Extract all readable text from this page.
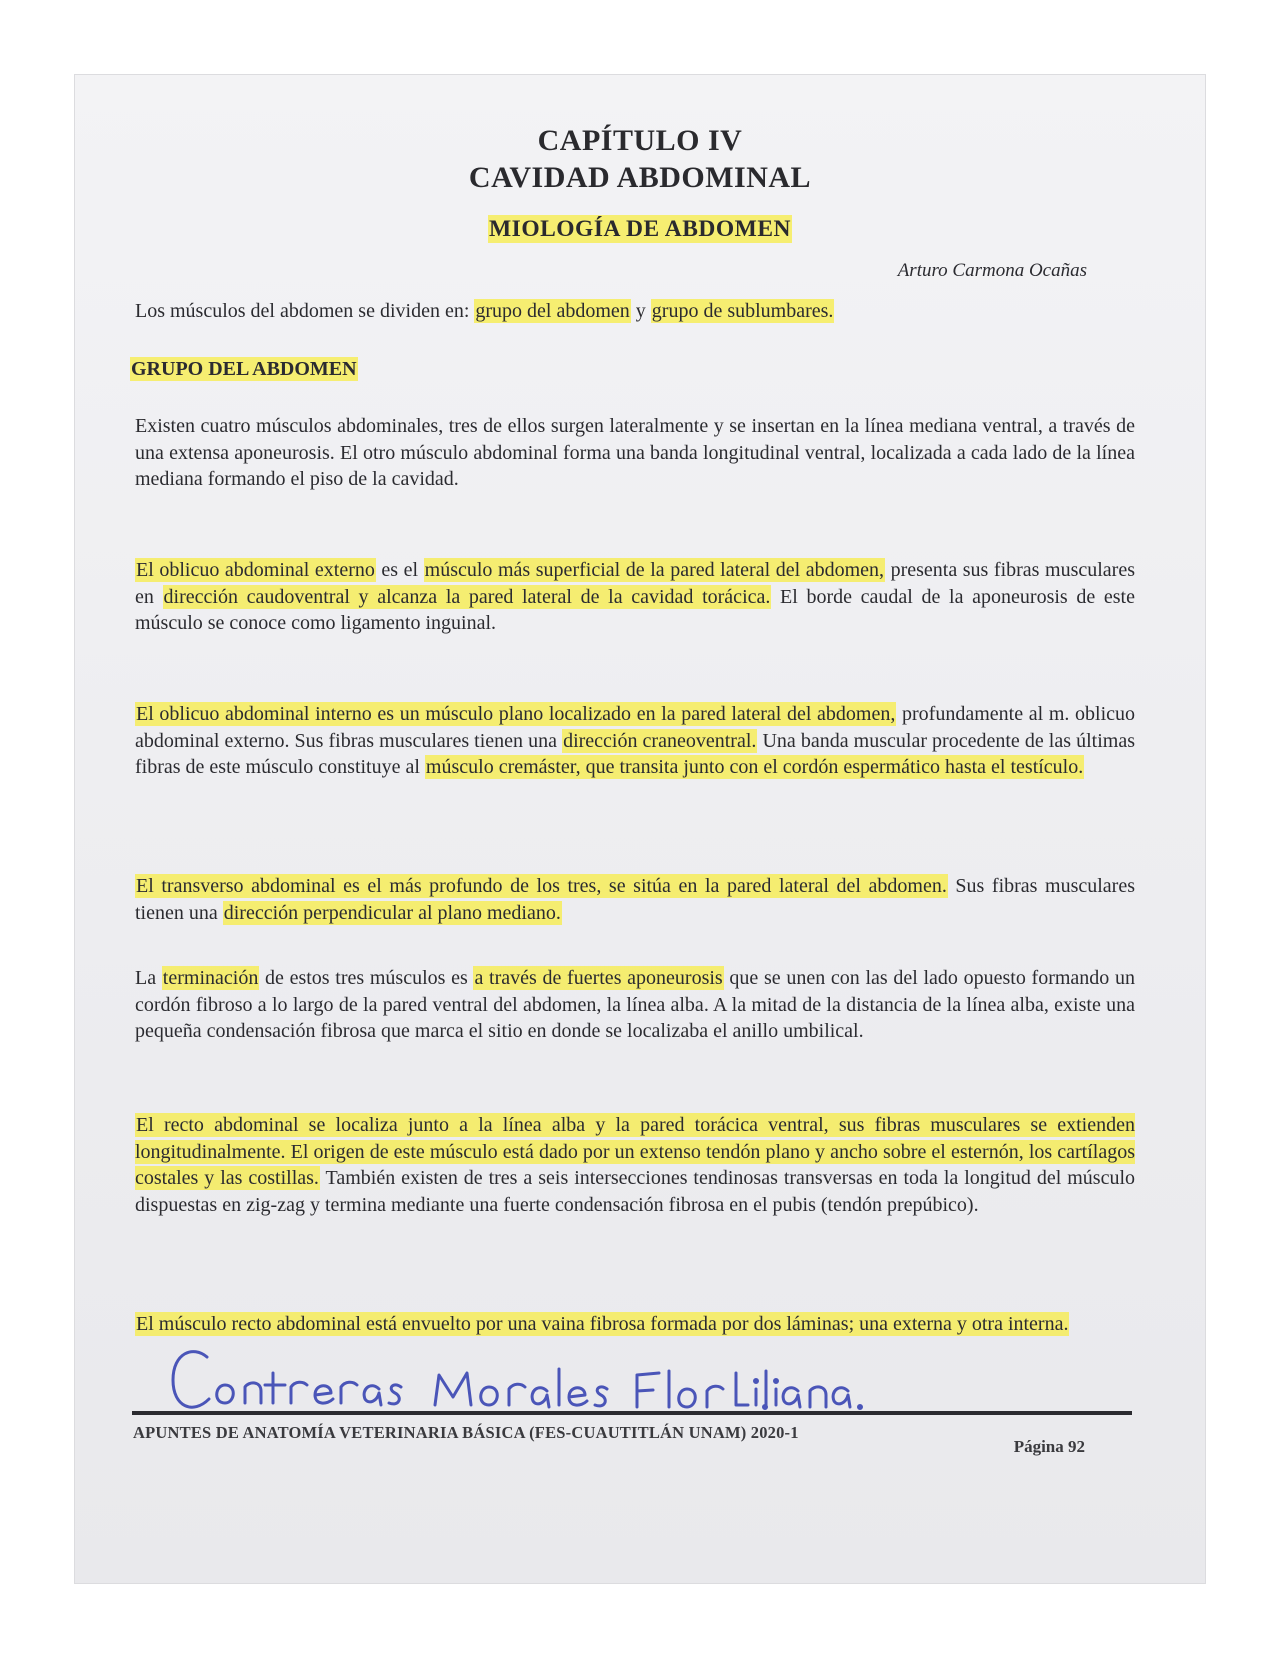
CAPÍTULO IV
CAVIDAD ABDOMINAL
MIOLOGÍA DE ABDOMEN
Arturo Carmona Ocañas
Los músculos del abdomen se dividen en: grupo del abdomen y grupo de sublumbares.
GRUPO DEL ABDOMEN
Existen cuatro músculos abdominales, tres de ellos surgen lateralmente y se insertan en la línea mediana ventral, a través de una extensa aponeurosis. El otro músculo abdominal forma una banda longitudinal ventral, localizada a cada lado de la línea mediana formando el piso de la cavidad.
El oblicuo abdominal externo es el músculo más superficial de la pared lateral del abdomen, presenta sus fibras musculares en dirección caudoventral y alcanza la pared lateral de la cavidad torácica. El borde caudal de la aponeurosis de este músculo se conoce como ligamento inguinal.
El oblicuo abdominal interno es un músculo plano localizado en la pared lateral del abdomen, profundamente al m. oblicuo abdominal externo. Sus fibras musculares tienen una dirección craneoventral. Una banda muscular procedente de las últimas fibras de este músculo constituye al músculo cremáster, que transita junto con el cordón espermático hasta el testículo.
El transverso abdominal es el más profundo de los tres, se sitúa en la pared lateral del abdomen. Sus fibras musculares tienen una dirección perpendicular al plano mediano.
La terminación de estos tres músculos es a través de fuertes aponeurosis que se unen con las del lado opuesto formando un cordón fibroso a lo largo de la pared ventral del abdomen, la línea alba. A la mitad de la distancia de la línea alba, existe una pequeña condensación fibrosa que marca el sitio en donde se localizaba el anillo umbilical.
El recto abdominal se localiza junto a la línea alba y la pared torácica ventral, sus fibras musculares se extienden longitudinalmente. El origen de este músculo está dado por un extenso tendón plano y ancho sobre el esternón, los cartílagos costales y las costillas. También existen de tres a seis intersecciones tendinosas transversas en toda la longitud del músculo dispuestas en zig-zag y termina mediante una fuerte condensación fibrosa en el pubis (tendón prepúbico).
El músculo recto abdominal está envuelto por una vaina fibrosa formada por dos láminas; una externa y otra interna.
APUNTES DE ANATOMÍA VETERINARIA BÁSICA (FES-CUAUTITLÁN UNAM) 2020-1
Página 92
